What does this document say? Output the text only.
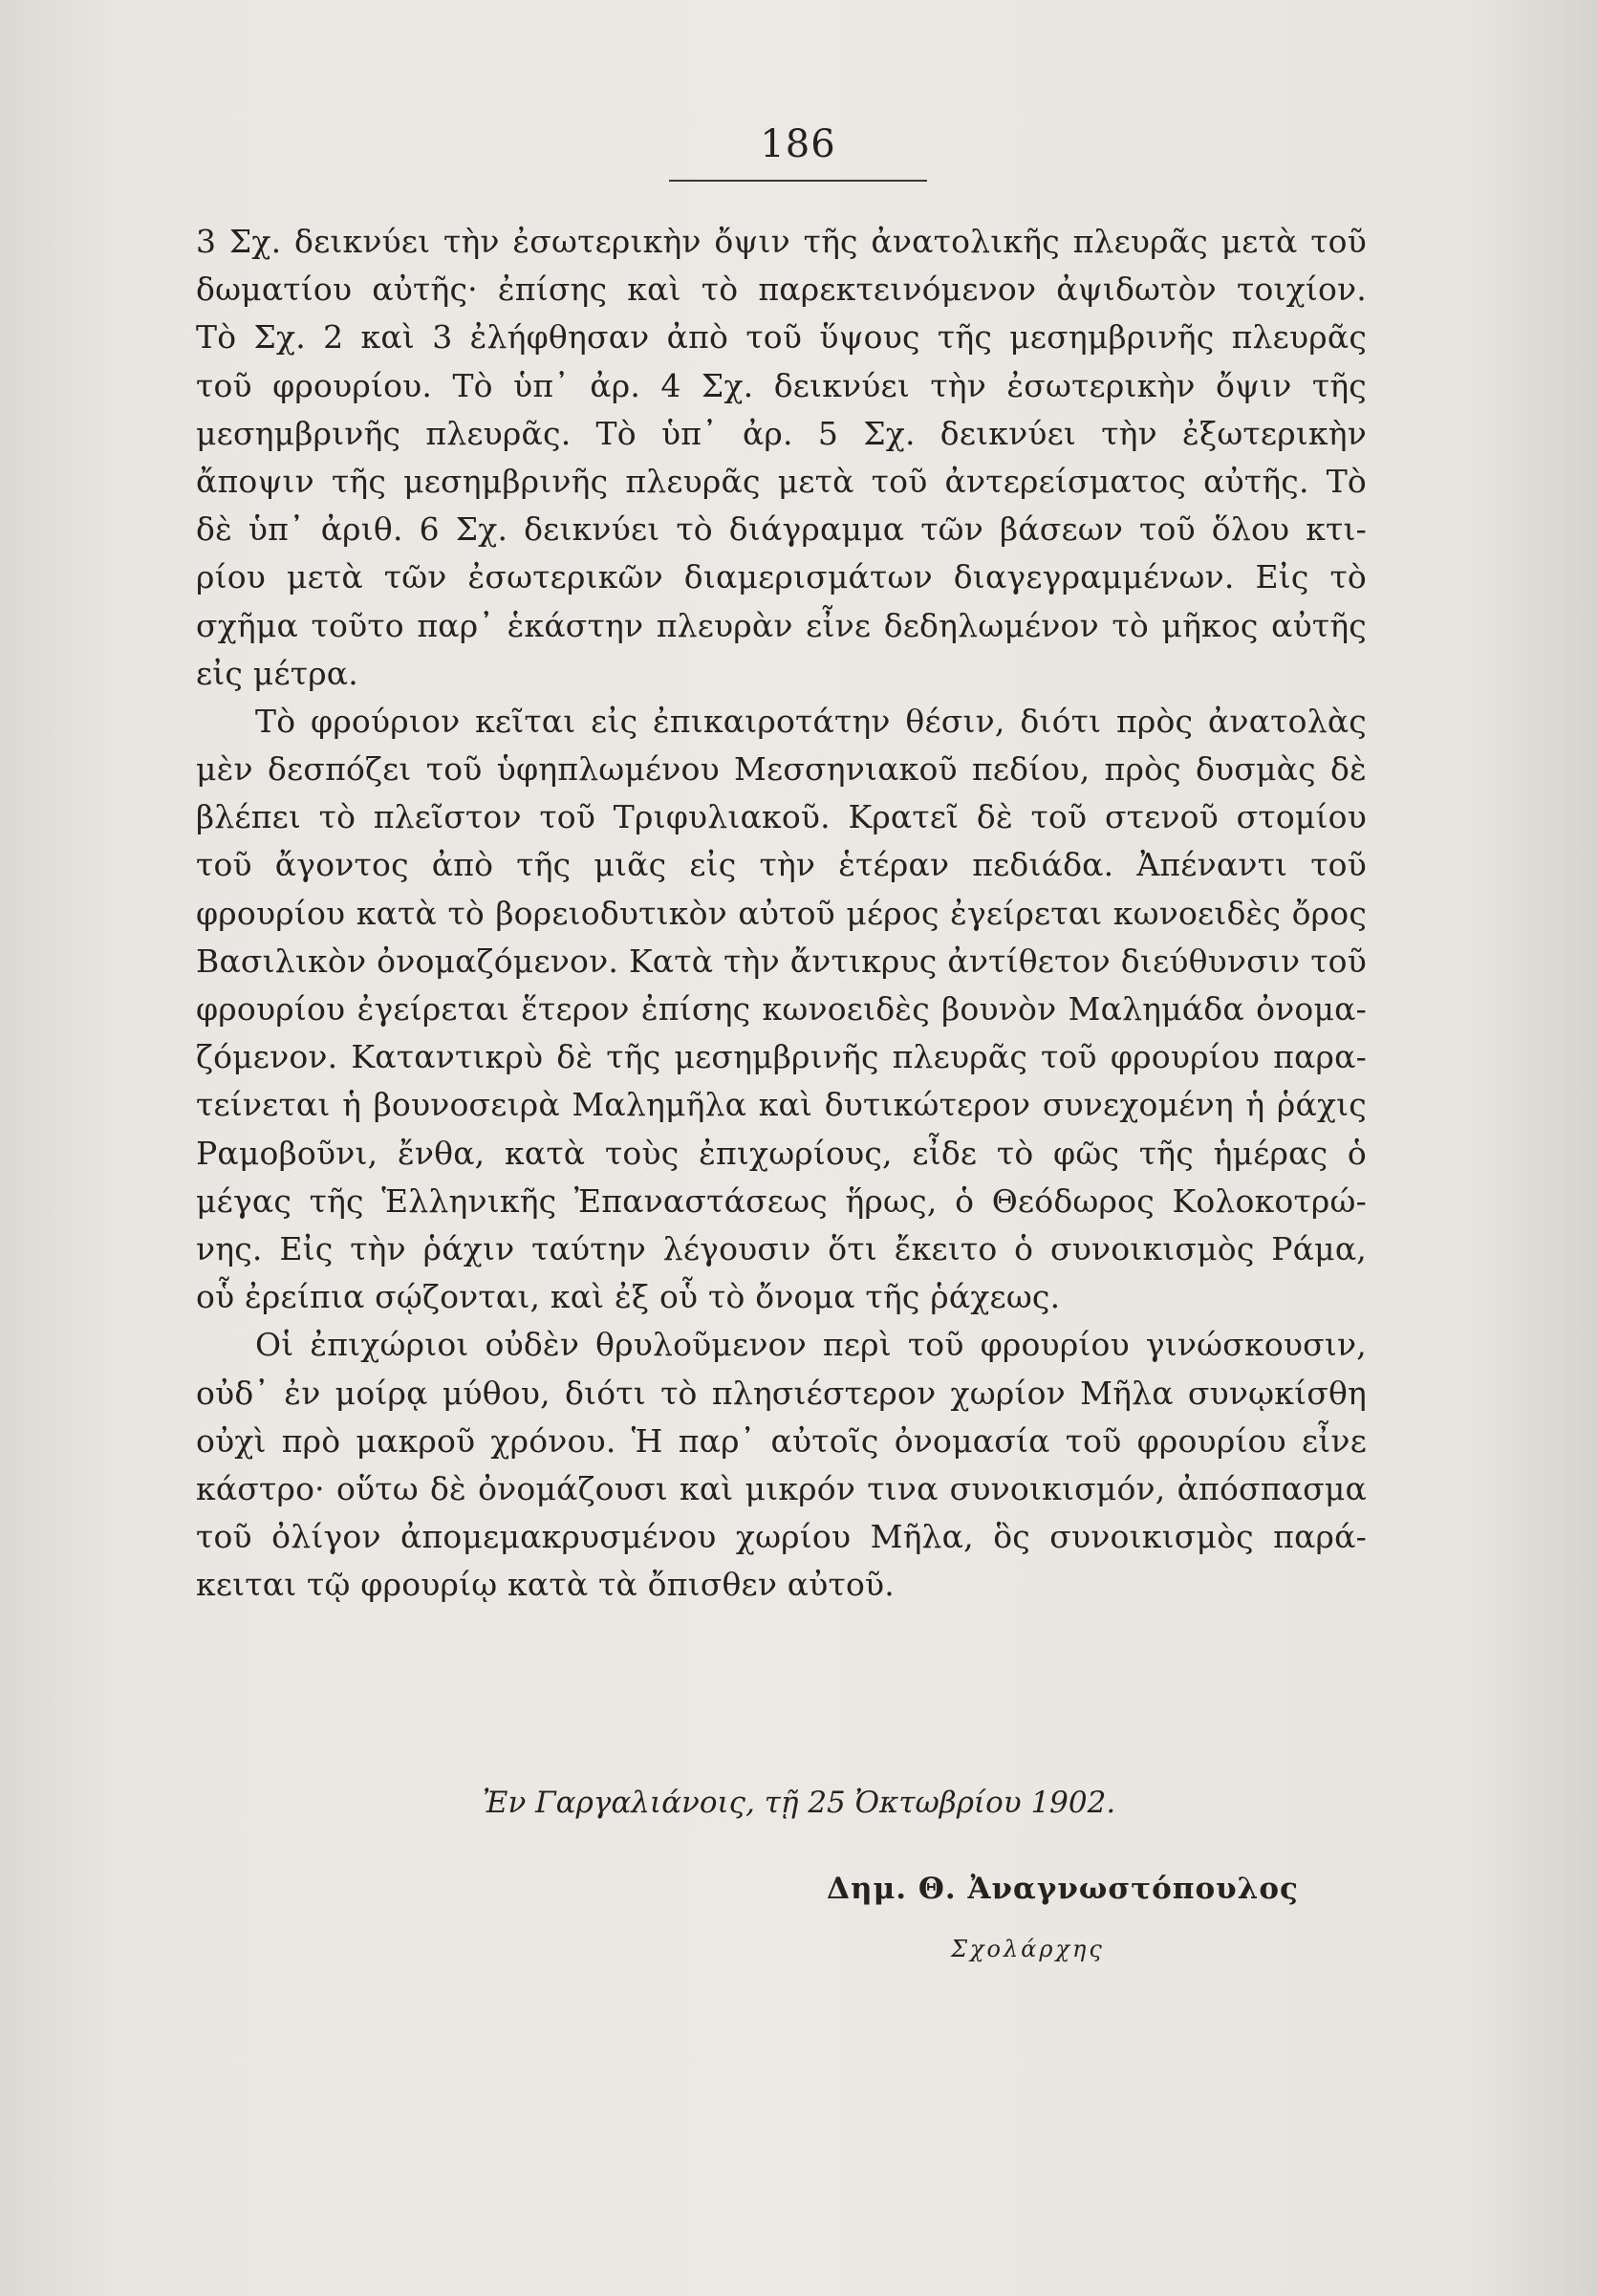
186
3 Σχ. δεικνύει τὴν ἐσωτερικὴν ὄψιν τῆς ἀνατολικῆς πλευρᾶς μετὰ τοῦ
δωματίου αὐτῆς· ἐπίσης καὶ τὸ παρεκτεινόμενον ἀψιδωτὸν τοιχίον.
Τὸ Σχ. 2 καὶ 3 ἐλήφθησαν ἀπὸ τοῦ ὕψους τῆς μεσημβρινῆς πλευρᾶς
τοῦ φρουρίου. Τὸ ὑπ᾽ ἀρ. 4 Σχ. δεικνύει τὴν ἐσωτερικὴν ὄψιν τῆς
μεσημβρινῆς πλευρᾶς. Τὸ ὑπ᾽ ἀρ. 5 Σχ. δεικνύει τὴν ἐξωτερικὴν
ἄποψιν τῆς μεσημβρινῆς πλευρᾶς μετὰ τοῦ ἀντερείσματος αὐτῆς. Τὸ
δὲ ὑπ᾽ ἀριθ. 6 Σχ. δεικνύει τὸ διάγραμμα τῶν βάσεων τοῦ ὅλου κτι-
ρίου μετὰ τῶν ἐσωτερικῶν διαμερισμάτων διαγεγραμμένων. Εἰς τὸ
σχῆμα τοῦτο παρ᾽ ἑκάστην πλευρὰν εἶνε δεδηλωμένον τὸ μῆκος αὐτῆς
εἰς μέτρα.
Τὸ φρούριον κεῖται εἰς ἐπικαιροτάτην θέσιν, διότι πρὸς ἀνατολὰς
μὲν δεσπόζει τοῦ ὑφηπλωμένου Μεσσηνιακοῦ πεδίου, πρὸς δυσμὰς δὲ
βλέπει τὸ πλεῖστον τοῦ Τριφυλιακοῦ. Κρατεῖ δὲ τοῦ στενοῦ στομίου
τοῦ ἄγοντος ἀπὸ τῆς μιᾶς εἰς τὴν ἑτέραν πεδιάδα. Ἀπέναντι τοῦ
φρουρίου κατὰ τὸ βορειοδυτικὸν αὐτοῦ μέρος ἐγείρεται κωνοειδὲς ὄρος
Βασιλικὸν ὀνομαζόμενον. Κατὰ τὴν ἄντικρυς ἀντίθετον διεύθυνσιν τοῦ
φρουρίου ἐγείρεται ἕτερον ἐπίσης κωνοειδὲς βουνὸν Μαλημάδα ὀνομα-
ζόμενον. Καταντικρὺ δὲ τῆς μεσημβρινῆς πλευρᾶς τοῦ φρουρίου παρα-
τείνεται ἡ βουνοσειρὰ Μαλημῆλα καὶ δυτικώτερον συνεχομένη ἡ ῥάχις
Ραμοβοῦνι, ἔνθα, κατὰ τοὺς ἐπιχωρίους, εἶδε τὸ φῶς τῆς ἡμέρας ὁ
μέγας τῆς Ἑλληνικῆς Ἐπαναστάσεως ἥρως, ὁ Θεόδωρος Κολοκοτρώ-
νης. Εἰς τὴν ῥάχιν ταύτην λέγουσιν ὅτι ἔκειτο ὁ συνοικισμὸς Ράμα,
οὗ ἐρείπια σῴζονται, καὶ ἐξ οὗ τὸ ὄνομα τῆς ῥάχεως.
Οἱ ἐπιχώριοι οὐδὲν θρυλοῦμενον περὶ τοῦ φρουρίου γινώσκουσιν,
οὐδ᾽ ἐν μοίρᾳ μύθου, διότι τὸ πλησιέστερον χωρίον Μῆλα συνῳκίσθη
οὐχὶ πρὸ μακροῦ χρόνου. Ἡ παρ᾽ αὐτοῖς ὀνομασία τοῦ φρουρίου εἶνε
κάστρο· οὕτω δὲ ὀνομάζουσι καὶ μικρόν τινα συνοικισμόν, ἀπόσπασμα
τοῦ ὀλίγον ἀπομεμακρυσμένου χωρίου Μῆλα, ὃς συνοικισμὸς παρά-
κειται τῷ φρουρίῳ κατὰ τὰ ὄπισθεν αὐτοῦ.
Ἐν Γαργαλιάνοις, τῇ 25 Ὀκτωβρίου 1902.
Δημ. Θ. Ἀναγνωστόπουλος
Σχολάρχης
